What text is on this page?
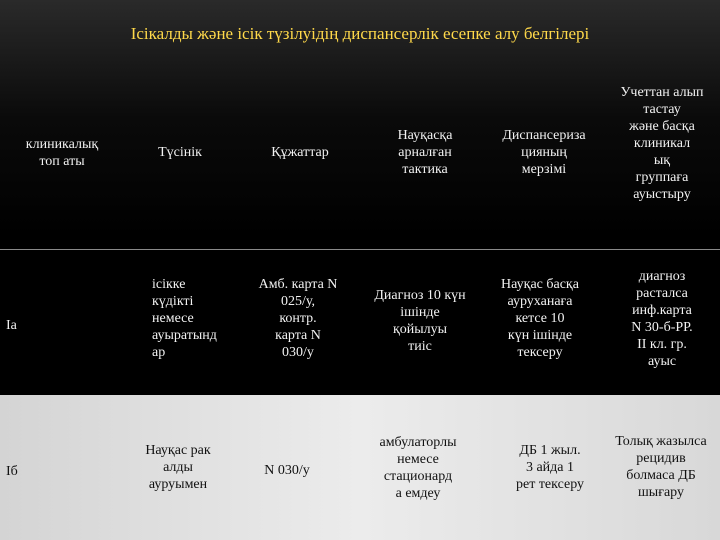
Ісікалды және ісік түзілуідің диспансерлік есепке алу белгілері
клиникалық
топ аты
Түсінік	Құжаттар
Науқасқа
арналған
тактика
Диспансериза
цияның
мерзімі
Учеттан алып
тастау
және басқа
клиникал
ық
группаға
ауыстыру
Ia
ісікке
күдікті
немесе
ауыратынд
ар
Амб. карта N
025/у,
контр.
карта N
030/у
Диагноз 10 күн
ішінде
қойылуы
тиіс
Науқас басқа
ауруханаға
кетсе 10
күн ішінде
тексеру
диагноз
расталса
инф.карта
N 30-б-РР.
II кл. гр.
ауыс
Iб
Науқас рак
алды
ауруымен
N 030/у
амбулаторлы
немесе
стационард
а емдеу
ДБ 1 жыл.
3 айда 1
рет тексеру
Толық жазылса
рецидив
болмаса ДБ
шығару
